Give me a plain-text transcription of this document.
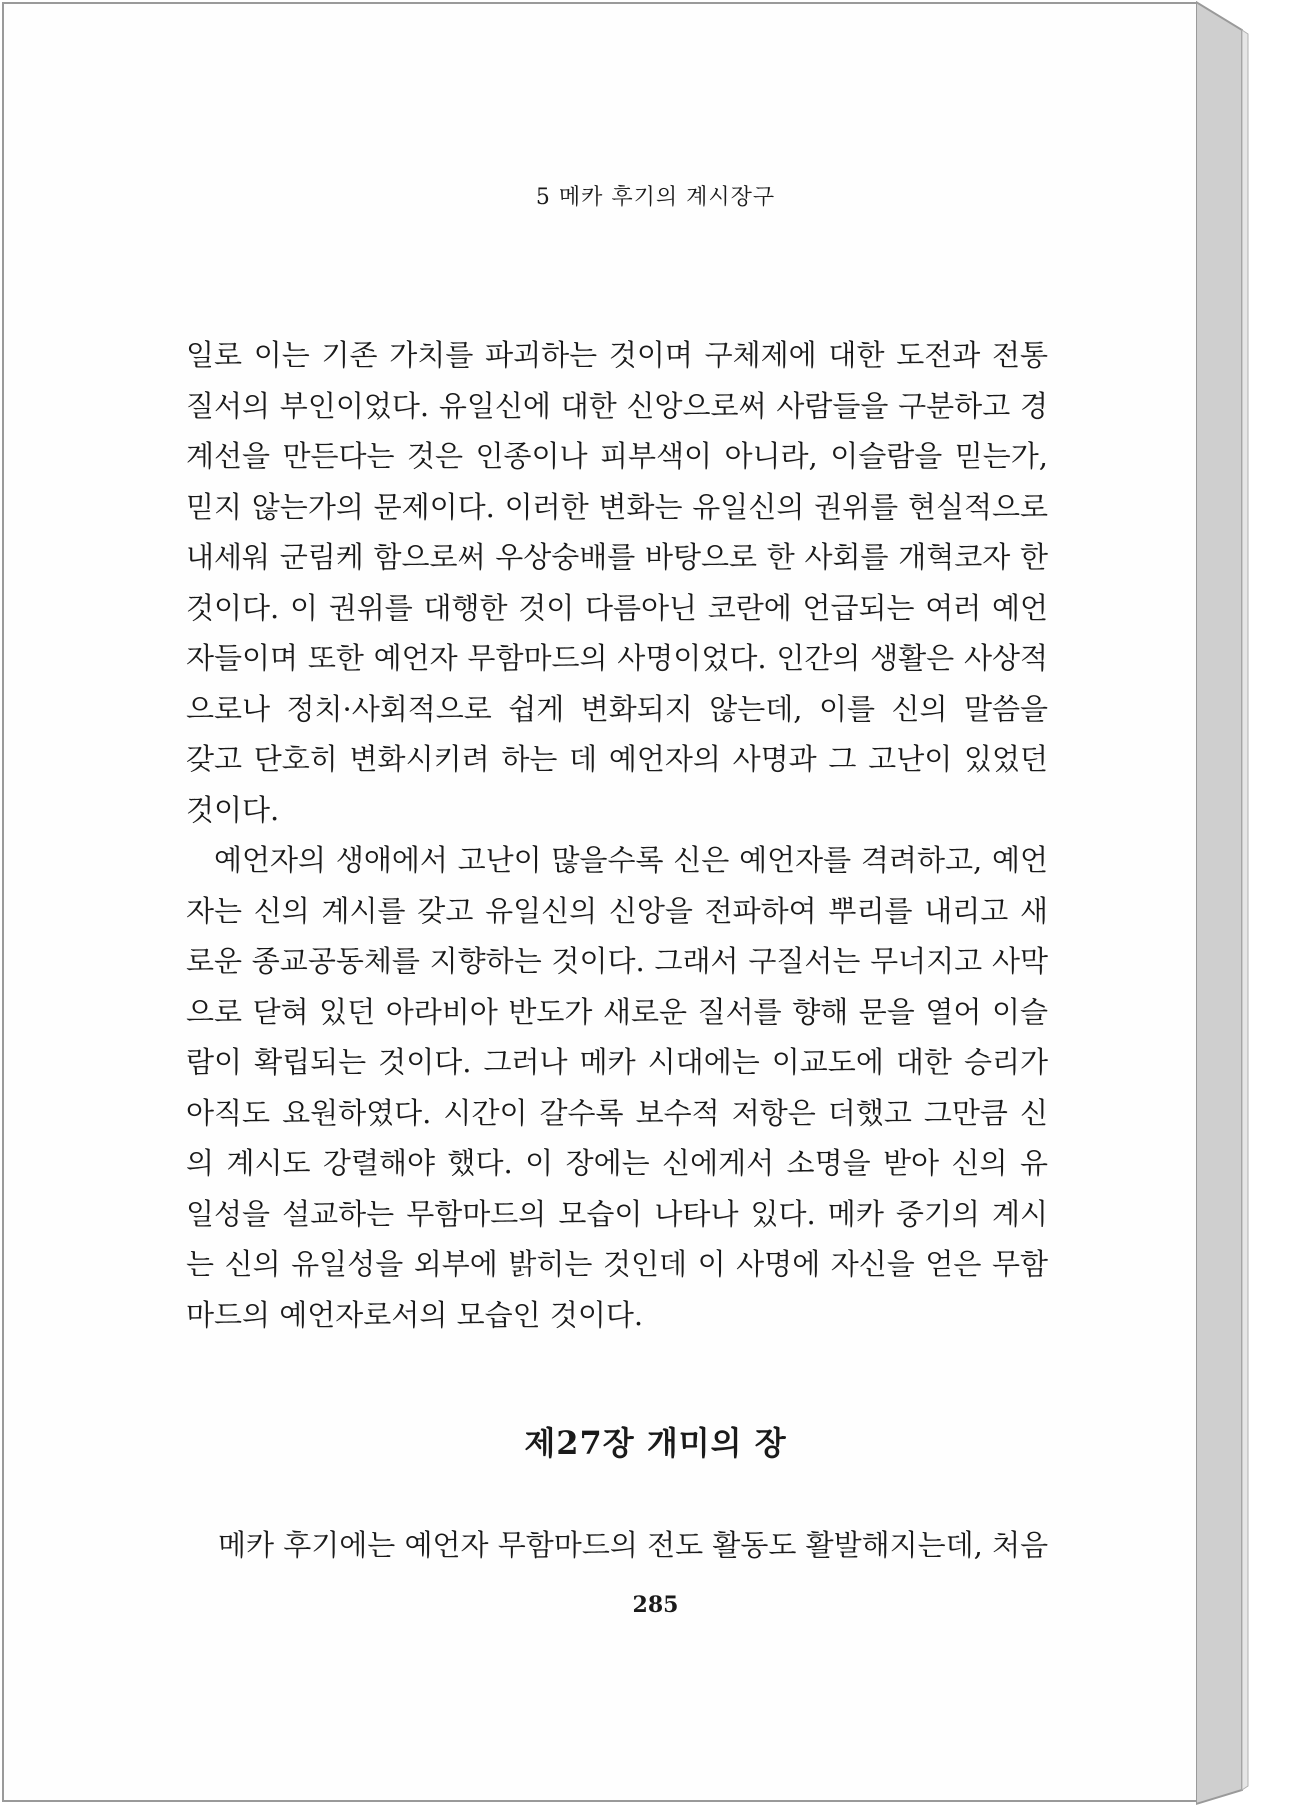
5 메카 후기의 계시장구
일로 이는 기존 가치를 파괴하는 것이며 구체제에 대한 도전과 전통
질서의 부인이었다. 유일신에 대한 신앙으로써 사람들을 구분하고 경
계선을 만든다는 것은 인종이나 피부색이 아니라, 이슬람을 믿는가,
믿지 않는가의 문제이다. 이러한 변화는 유일신의 권위를 현실적으로
내세워 군림케 함으로써 우상숭배를 바탕으로 한 사회를 개혁코자 한
것이다. 이 권위를 대행한 것이 다름아닌 코란에 언급되는 여러 예언
자들이며 또한 예언자 무함마드의 사명이었다. 인간의 생활은 사상적
으로나 정치·사회적으로 쉽게 변화되지 않는데, 이를 신의 말씀을
갖고 단호히 변화시키려 하는 데 예언자의 사명과 그 고난이 있었던
것이다.
예언자의 생애에서 고난이 많을수록 신은 예언자를 격려하고, 예언
자는 신의 계시를 갖고 유일신의 신앙을 전파하여 뿌리를 내리고 새
로운 종교공동체를 지향하는 것이다. 그래서 구질서는 무너지고 사막
으로 닫혀 있던 아라비아 반도가 새로운 질서를 향해 문을 열어 이슬
람이 확립되는 것이다. 그러나 메카 시대에는 이교도에 대한 승리가
아직도 요원하였다. 시간이 갈수록 보수적 저항은 더했고 그만큼 신
의 계시도 강렬해야 했다. 이 장에는 신에게서 소명을 받아 신의 유
일성을 설교하는 무함마드의 모습이 나타나 있다. 메카 중기의 계시
는 신의 유일성을 외부에 밝히는 것인데 이 사명에 자신을 얻은 무함
마드의 예언자로서의 모습인 것이다.
제27장 개미의 장
메카 후기에는 예언자 무함마드의 전도 활동도 활발해지는데, 처음
285
